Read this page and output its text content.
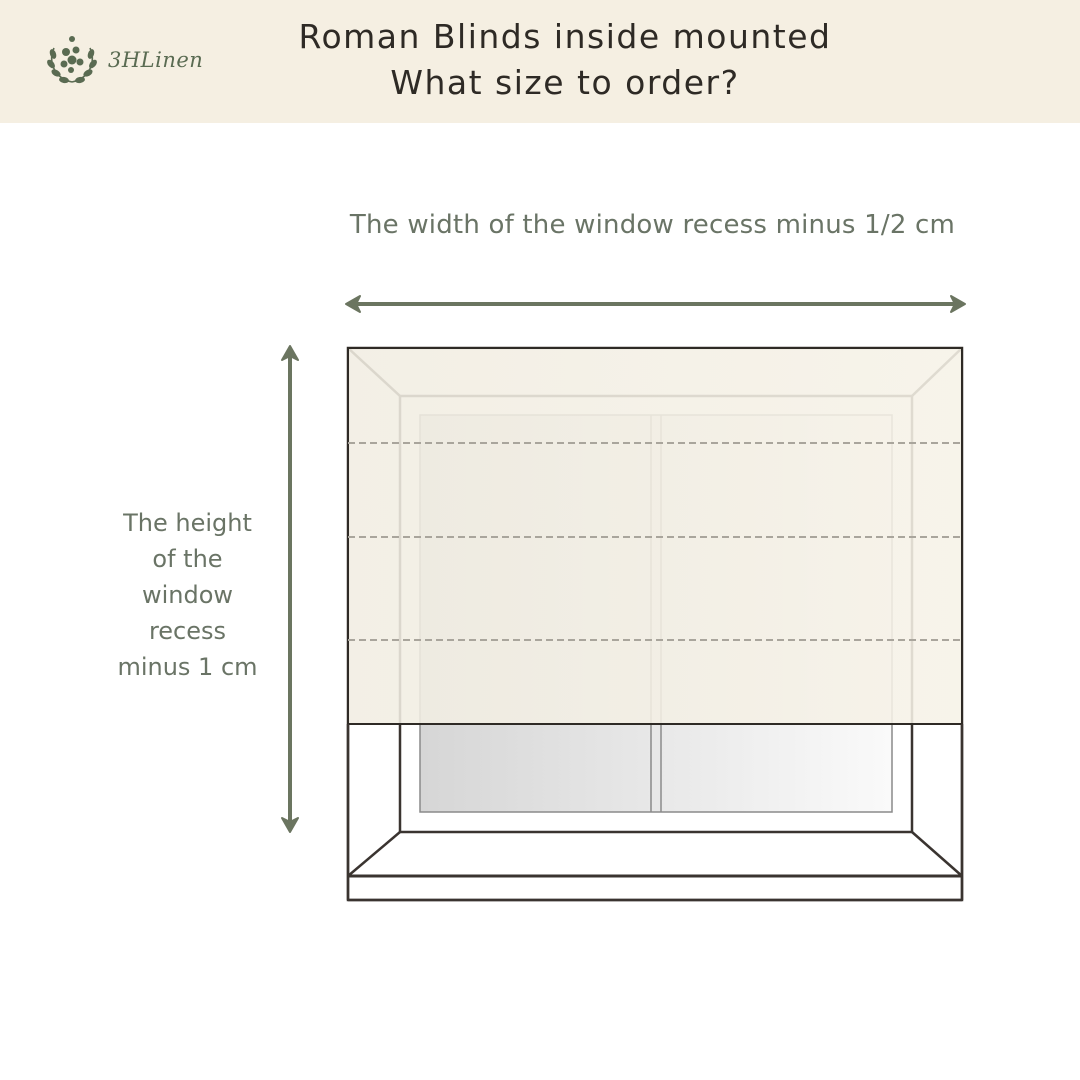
3HLinen
Roman Blinds inside mounted
What size to order?
The width of the window recess minus 1/2 cm
The height
of the
window
recess
minus 1 cm
